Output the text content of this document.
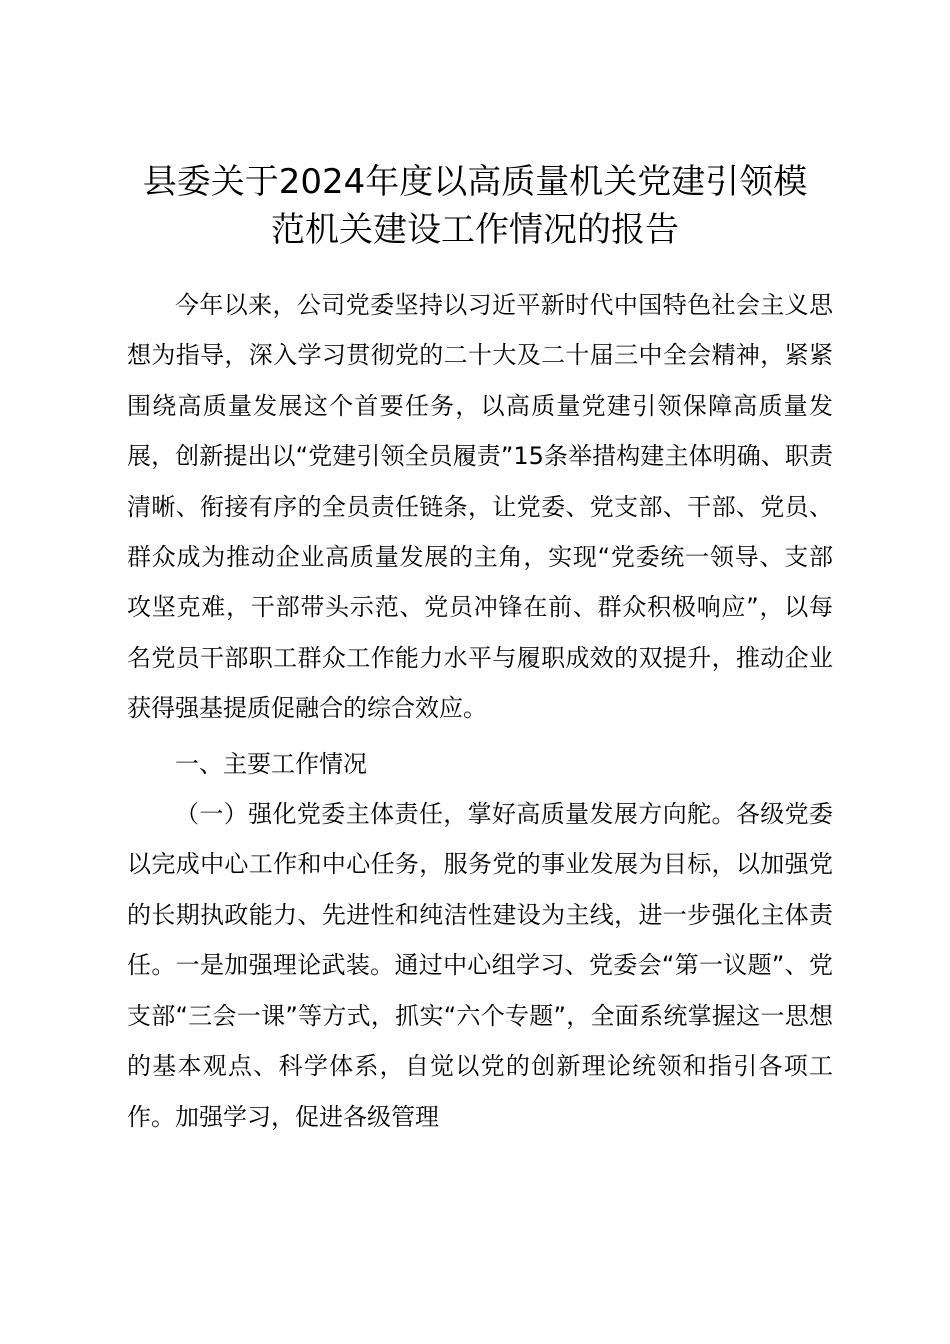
县委关于2024年度以高质量机关党建引领模
范机关建设工作情况的报告

今年以来，公司党委坚持以习近平新时代中国特色社会主义思想为指导，深入学习贯彻党的二十大及二十届三中全会精神，紧紧围绕高质量发展这个首要任务，以高质量党建引领保障高质量发展，创新提出以“党建引领全员履责”15条举措构建主体明确、职责清晰、衔接有序的全员责任链条，让党委、党支部、干部、党员、群众成为推动企业高质量发展的主角，实现“党委统一领导、支部攻坚克难，干部带头示范、党员冲锋在前、群众积极响应”，以每名党员干部职工群众工作能力水平与履职成效的双提升，推动企业获得强基提质促融合的综合效应。

一、主要工作情况

（一）强化党委主体责任，掌好高质量发展方向舵。各级党委以完成中心工作和中心任务，服务党的事业发展为目标，以加强党的长期执政能力、先进性和纯洁性建设为主线，进一步强化主体责任。一是加强理论武装。通过中心组学习、党委会“第一议题”、党支部“三会一课”等方式，抓实“六个专题”，全面系统掌握这一思想的基本观点、科学体系，自觉以党的创新理论统领和指引各项工作。加强学习，促进各级管理
